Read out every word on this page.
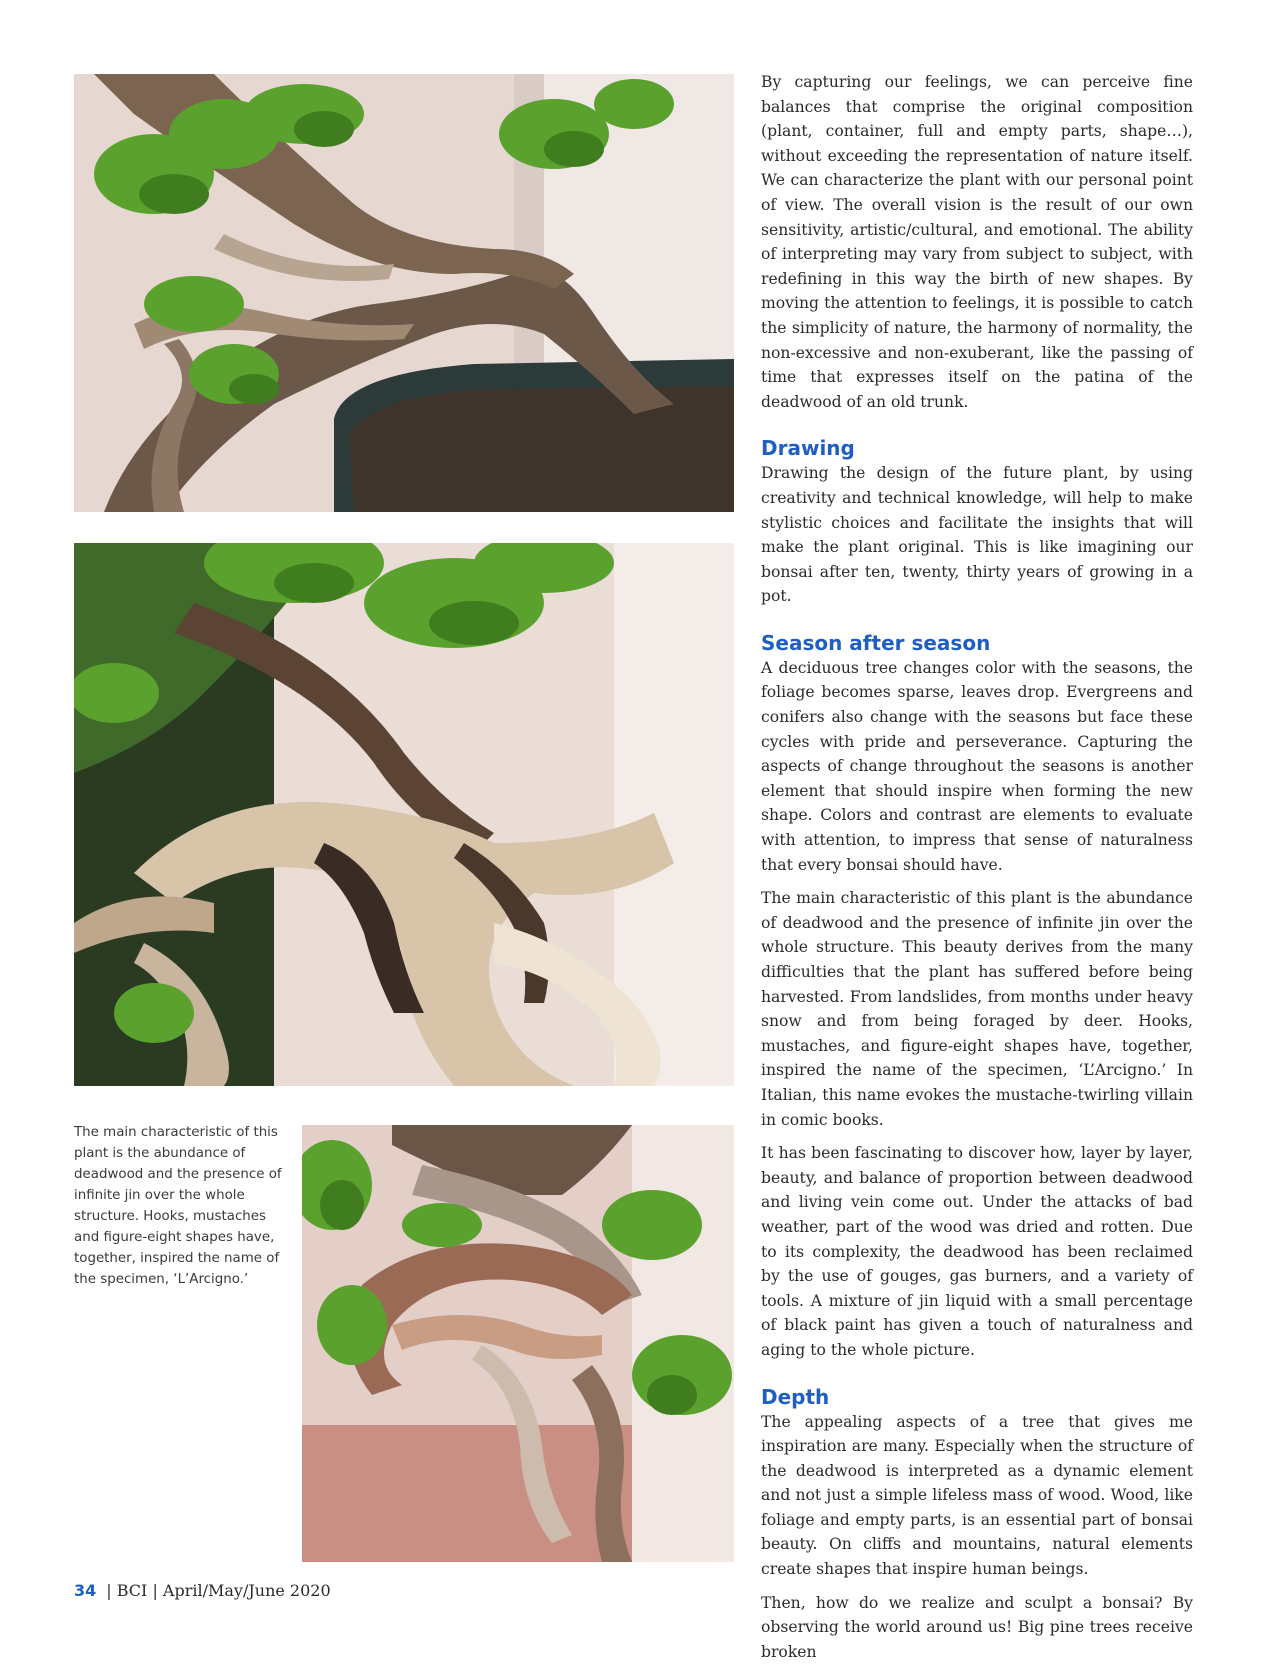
The main characteristic of this plant is the abundance of deadwood and the presence of infinite jin over the whole structure. Hooks, mustaches and figure-eight shapes have, together, inspired the name of the specimen, ‘L’Arcigno.’

By capturing our feelings, we can perceive fine balances that comprise the original composition (plant, container, full and empty parts, shape…), without exceeding the representation of nature itself. We can characterize the plant with our personal point of view. The overall vision is the result of our own sensitivity, artistic/cultural, and emotional. The ability of interpreting may vary from subject to subject, with redefining in this way the birth of new shapes. By moving the attention to feelings, it is possible to catch the simplicity of nature, the harmony of normality, the non-excessive and non-exuberant, like the passing of time that expresses itself on the patina of the deadwood of an old trunk.

Drawing

Drawing the design of the future plant, by using creativity and technical knowledge, will help to make stylistic choices and facilitate the insights that will make the plant original. This is like imagining our bonsai after ten, twenty, thirty years of growing in a pot.

Season after season

A deciduous tree changes color with the seasons, the foliage becomes sparse, leaves drop. Evergreens and conifers also change with the seasons but face these cycles with pride and perseverance. Capturing the aspects of change throughout the seasons is another element that should inspire when forming the new shape. Colors and contrast are elements to evaluate with attention, to impress that sense of naturalness that every bonsai should have.

The main characteristic of this plant is the abundance of deadwood and the presence of infinite jin over the whole structure. This beauty derives from the many difficulties that the plant has suffered before being harvested. From landslides, from months under heavy snow and from being foraged by deer. Hooks, mustaches, and figure-eight shapes have, together, inspired the name of the specimen, ‘L’Arcigno.’ In Italian, this name evokes the mustache-twirling villain in comic books.

It has been fascinating to discover how, layer by layer, beauty, and balance of proportion between deadwood and living vein come out. Under the attacks of bad weather, part of the wood was dried and rotten. Due to its complexity, the deadwood has been reclaimed by the use of gouges, gas burners, and a variety of tools. A mixture of jin liquid with a small percentage of black paint has given a touch of naturalness and aging to the whole picture.

Depth

The appealing aspects of a tree that gives me inspiration are many. Especially when the structure of the deadwood is interpreted as a dynamic element and not just a simple lifeless mass of wood. Wood, like foliage and empty parts, is an essential part of bonsai beauty. On cliffs and mountains, natural elements create shapes that inspire human beings.

Then, how do we realize and sculpt a bonsai? By observing the world around us! Big pine trees receive broken

34 | BCI | April/May/June 2020
